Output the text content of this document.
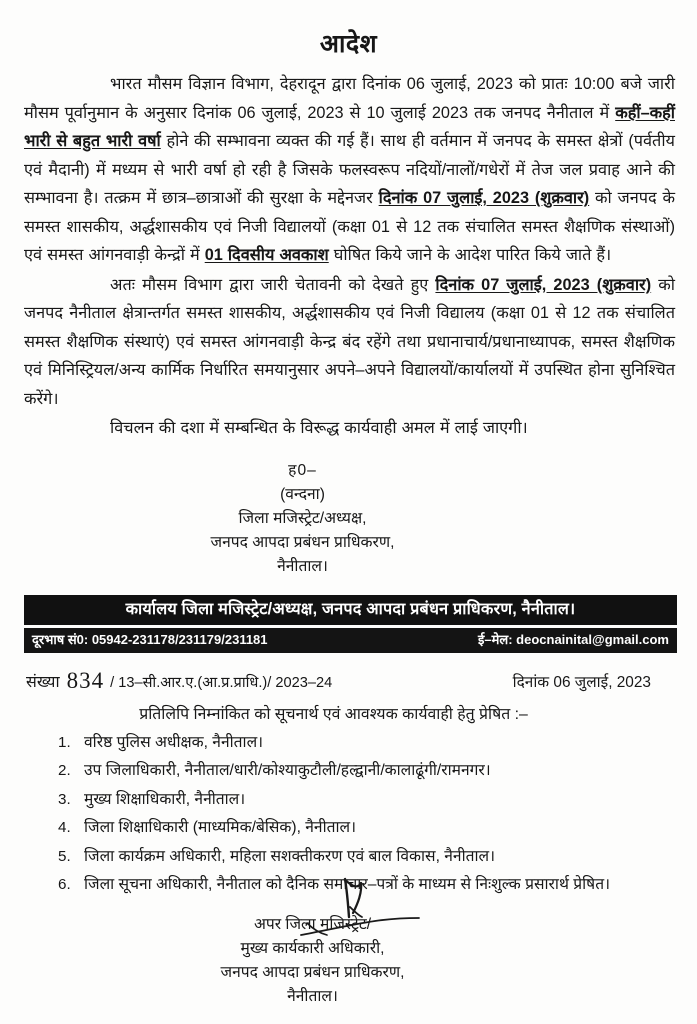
आदेश

भारत मौसम विज्ञान विभाग, देहरादून द्वारा दिनांक 06 जुलाई, 2023 को प्रातः 10:00 बजे जारी मौसम पूर्वानुमान के अनुसार दिनांक 06 जुलाई, 2023 से 10 जुलाई 2023 तक जनपद नैनीताल में कहीं–कहीं भारी से बहुत भारी वर्षा होने की सम्भावना व्यक्त की गई हैं। साथ ही वर्तमान में जनपद के समस्त क्षेत्रों (पर्वतीय एवं मैदानी) में मध्यम से भारी वर्षा हो रही है जिसके फलस्वरूप नदियों/नालों/गधेरों में तेज जल प्रवाह आने की सम्भावना है। तत्क्रम में छात्र–छात्राओं की सुरक्षा के मद्देनजर दिनांक 07 जुलाई, 2023 (शुक्रवार) को जनपद के समस्त शासकीय, अर्द्धशासकीय एवं निजी विद्यालयों (कक्षा 01 से 12 तक संचालित समस्त शैक्षणिक संस्थाओं) एवं समस्त आंगनवाड़ी केन्द्रों में 01 दिवसीय अवकाश घोषित किये जाने के आदेश पारित किये जाते हैं।

अतः मौसम विभाग द्वारा जारी चेतावनी को देखते हुए दिनांक 07 जुलाई, 2023 (शुक्रवार) को जनपद नैनीताल क्षेत्रान्तर्गत समस्त शासकीय, अर्द्धशासकीय एवं निजी विद्यालय (कक्षा 01 से 12 तक संचालित समस्त शैक्षणिक संस्थाएं) एवं समस्त आंगनवाड़ी केन्द्र बंद रहेंगे तथा प्रधानाचार्य/प्रधानाध्यापक, समस्त शैक्षणिक एवं मिनिस्ट्रियल/अन्य कार्मिक निर्धारित समयानुसार अपने–अपने विद्यालयों/कार्यालयों में उपस्थित होना सुनिश्चित करेंगे।

विचलन की दशा में सम्बन्धित के विरूद्ध कार्यवाही अमल में लाई जाएगी।

ह0–
(वन्दना)
जिला मजिस्ट्रेट/अध्यक्ष,
जनपद आपदा प्रबंधन प्राधिकरण,
नैनीताल।
कार्यालय जिला मजिस्ट्रेट/अध्यक्ष, जनपद आपदा प्रबंधन प्राधिकरण, नैनीताल।
दूरभाष सं0: 05942-231178/231179/231181	ई–मेल: deocnainital@gmail.com
संख्या 834 / 13–सी.आर.ए.(आ.प्र.प्राधि.)/ 2023–24	दिनांक 06 जुलाई, 2023
प्रतिलिपि निम्नांकित को सूचनार्थ एवं आवश्यक कार्यवाही हेतु प्रेषित :–
वरिष्ठ पुलिस अधीक्षक, नैनीताल।
उप जिलाधिकारी, नैनीताल/धारी/कोश्याकुटौली/हल्द्वानी/कालाढूंगी/रामनगर।
मुख्य शिक्षाधिकारी, नैनीताल।
जिला शिक्षाधिकारी (माध्यमिक/बेसिक), नैनीताल।
जिला कार्यक्रम अधिकारी, महिला सशक्तीकरण एवं बाल विकास, नैनीताल।
जिला सूचना अधिकारी, नैनीताल को दैनिक समाचार–पत्रों के माध्यम से निःशुल्क प्रसारार्थ प्रेषित।
अपर जिला मजिस्ट्रेट/
मुख्य कार्यकारी अधिकारी,
जनपद आपदा प्रबंधन प्राधिकरण,
नैनीताल।
